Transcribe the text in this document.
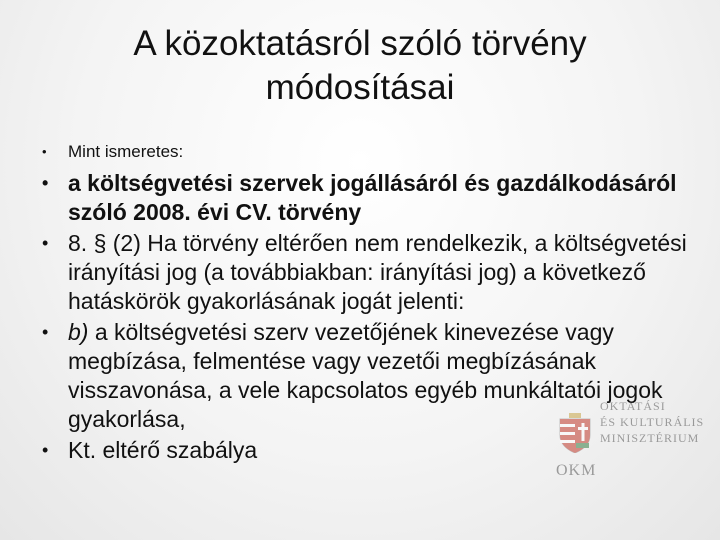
A közoktatásról szóló törvény
módosításai
• Mint ismeretes:
• a költségvetési szervek jogállásáról és gazdálkodásáról szóló 2008. évi CV. törvény
• 8. § (2) Ha törvény eltérően nem rendelkezik, a költségvetési irányítási jog (a továbbiakban: irányítási jog) a következő hatáskörök gyakorlásának jogát jelenti:
• b) a költségvetési szerv vezetőjének kinevezése vagy megbízása, felmentése vagy vezetői megbízásának visszavonása, a vele kapcsolatos egyéb munkáltatói jogok gyakorlása,
• Kt. eltérő szabálya
OKTATÁSI
ÉS KULTURÁLIS
MINISZTÉRIUM
OKM
